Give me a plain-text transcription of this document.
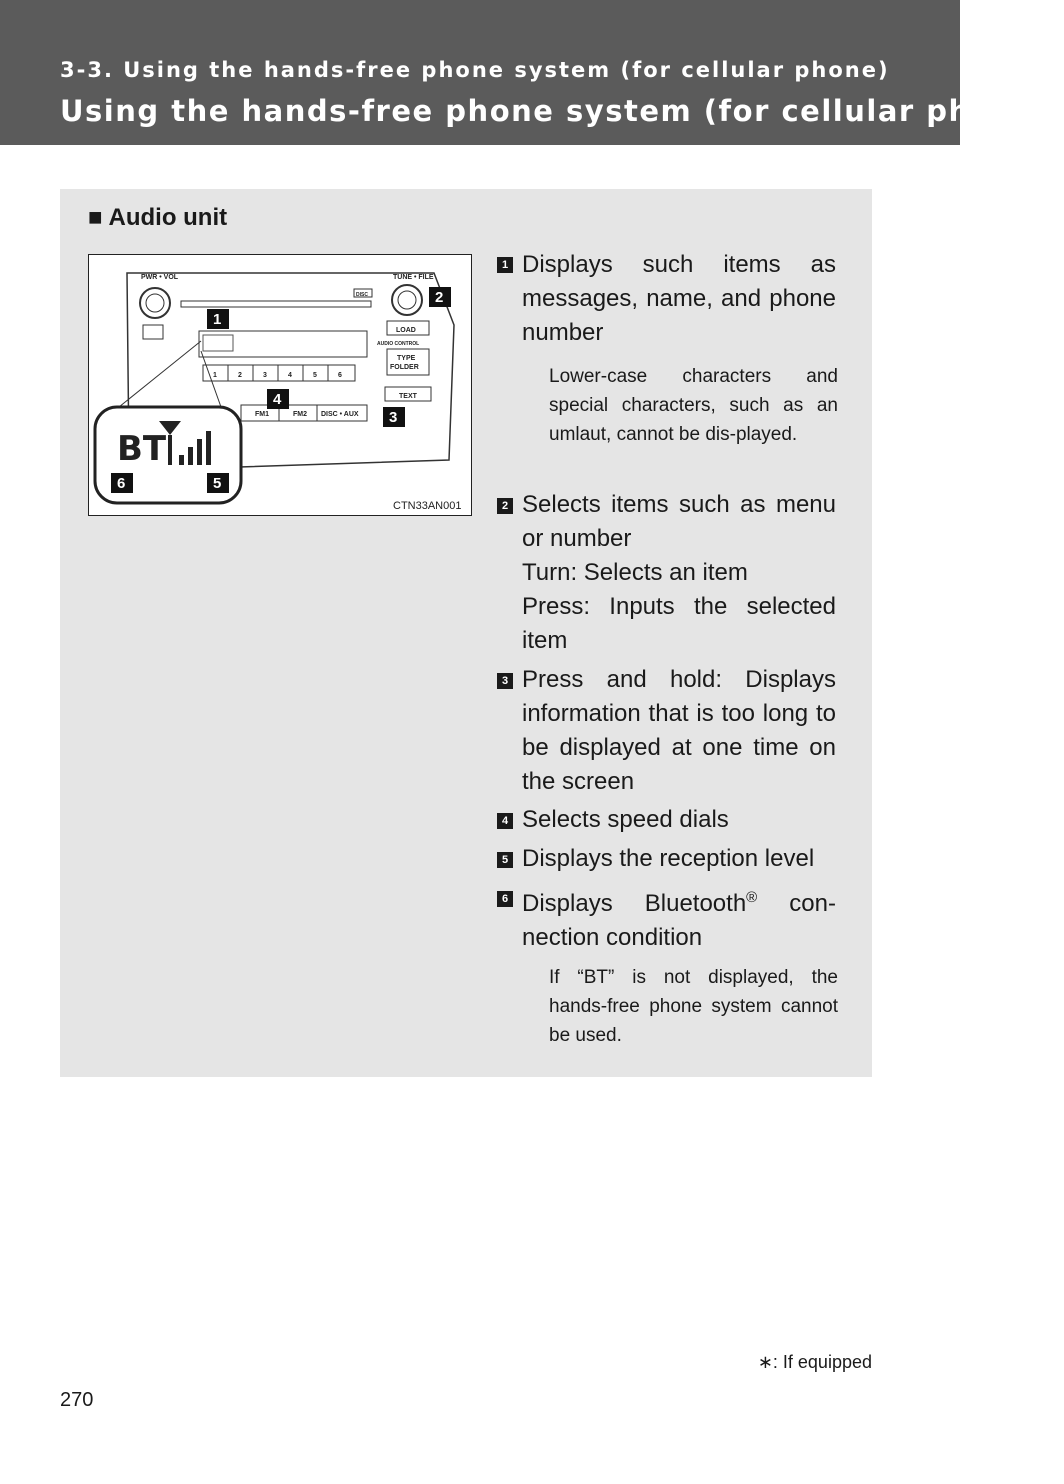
3-3. Using the hands-free phone system (for cellular phone)
Using the hands-free phone system (for cellular phone) *
■ Audio unit
PWR • VOL	TUNE • FILE
LOAD
TYPE
FOLDER
TEXT
FM1	FM2 DISC • AUX
1	2	3	4	5	6
AUDIO CONTROL
DISC
BT
1
2
3
4
5
6
CTN33AN001
1 Displays such items as messages, name, and phone number
Lower-case characters and special characters, such as an umlaut, cannot be dis-played.
2 Selects items such as menu or number
Turn: Selects an item
Press: Inputs the selected item
3 Press and hold: Displays information that is too long to be displayed at one time on the screen
4 Selects speed dials
5 Displays the reception level
6 Displays Bluetooth® con-nection condition
If “BT” is not displayed, the hands-free phone system cannot be used.
∗: If equipped
270
